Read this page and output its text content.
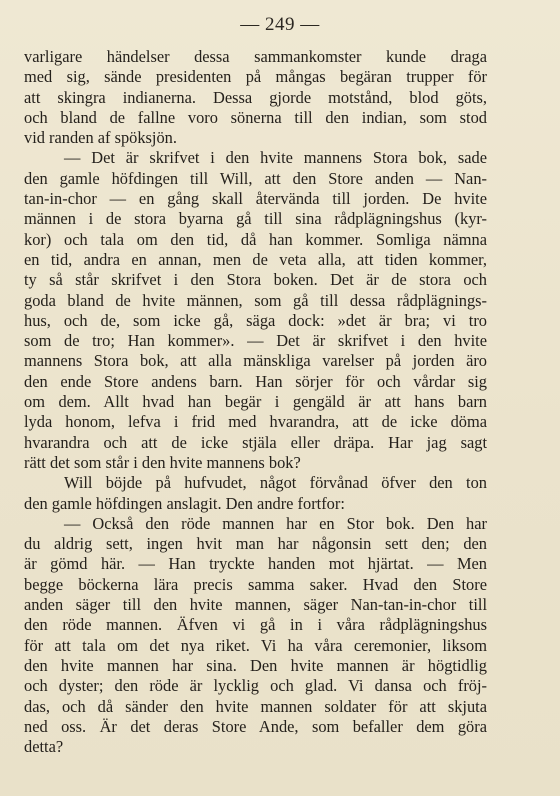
— 249 —
varligare händelser dessa sammankomster kunde draga
med sig, sände presidenten på mångas begäran trupper för
att skingra indianerna. Dessa gjorde motstånd, blod göts,
och bland de fallne voro sönerna till den indian, som stod
vid randen af spöksjön.
— Det är skrifvet i den hvite mannens Stora bok, sade
den gamle höfdingen till Will, att den Store anden — Nan-
tan-in-chor — en gång skall återvända till jorden. De hvite
männen i de stora byarna gå till sina rådplägningshus (kyr-
kor) och tala om den tid, då han kommer. Somliga nämna
en tid, andra en annan, men de veta alla, att tiden kommer,
ty så står skrifvet i den Stora boken. Det är de stora och
goda bland de hvite männen, som gå till dessa rådplägnings-
hus, och de, som icke gå, säga dock: »det är bra; vi tro
som de tro; Han kommer». — Det är skrifvet i den hvite
mannens Stora bok, att alla mänskliga varelser på jorden äro
den ende Store andens barn. Han sörjer för och vårdar sig
om dem. Allt hvad han begär i gengäld är att hans barn
lyda honom, lefva i frid med hvarandra, att de icke döma
hvarandra och att de icke stjäla eller dräpa. Har jag sagt
rätt det som står i den hvite mannens bok?
Will böjde på hufvudet, något förvånad öfver den ton
den gamle höfdingen anslagit. Den andre fortfor:
— Också den röde mannen har en Stor bok. Den har
du aldrig sett, ingen hvit man har någonsin sett den; den
är gömd här. — Han tryckte handen mot hjärtat. — Men
begge böckerna lära precis samma saker. Hvad den Store
anden säger till den hvite mannen, säger Nan-tan-in-chor till
den röde mannen. Äfven vi gå in i våra rådplägningshus
för att tala om det nya riket. Vi ha våra ceremonier, liksom
den hvite mannen har sina. Den hvite mannen är högtidlig
och dyster; den röde är lycklig och glad. Vi dansa och fröj-
das, och då sänder den hvite mannen soldater för att skjuta
ned oss. Är det deras Store Ande, som befaller dem göra
detta?
